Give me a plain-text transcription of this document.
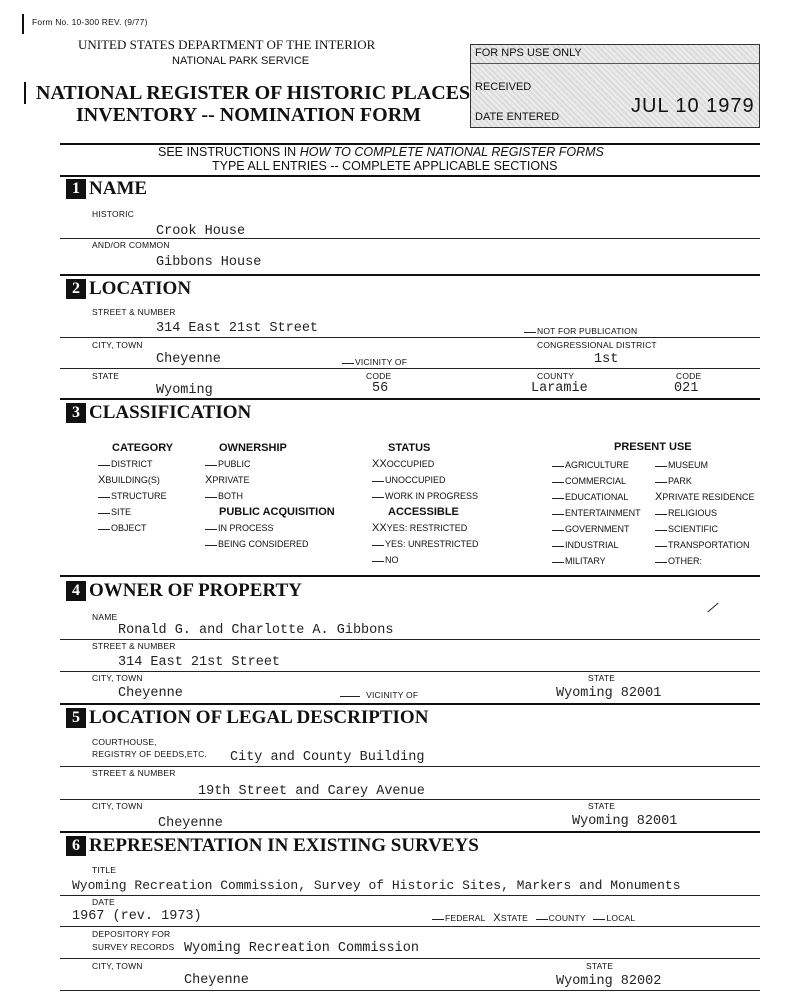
Form No. 10-300 REV. (9/77)
UNITED STATES DEPARTMENT OF THE INTERIOR
NATIONAL PARK SERVICE
NATIONAL REGISTER OF HISTORIC PLACES
INVENTORY -- NOMINATION FORM
FOR NPS USE ONLY
RECEIVED
DATE ENTERED	JUL 10 1979
SEE INSTRUCTIONS IN HOW TO COMPLETE NATIONAL REGISTER FORMS
TYPE ALL ENTRIES -- COMPLETE APPLICABLE SECTIONS
1 NAME
HISTORIC
Crook House
AND/OR COMMON
Gibbons House
2 LOCATION
STREET & NUMBER
314 East 21st Street	NOT FOR PUBLICATION
CITY, TOWN	CONGRESSIONAL DISTRICT
Cheyenne	VICINITY OF	1st
STATE	CODE	COUNTY	CODE
Wyoming	56	Laramie	021
3 CLASSIFICATION
CATEGORY
DISTRICT
XBUILDING(S)
STRUCTURE
SITE
OBJECT
OWNERSHIP
PUBLIC
XPRIVATE
BOTH
PUBLIC ACQUISITION
IN PROCESS
BEING CONSIDERED
STATUS
XXOCCUPIED
UNOCCUPIED
WORK IN PROGRESS
ACCESSIBLE
XXYES: RESTRICTED
YES: UNRESTRICTED
NO
PRESENT USE
AGRICULTURE
COMMERCIAL
EDUCATIONAL
ENTERTAINMENT
GOVERNMENT
INDUSTRIAL
MILITARY
MUSEUM
PARK
XPRIVATE RESIDENCE
RELIGIOUS
SCIENTIFIC
TRANSPORTATION
OTHER:
4 OWNER OF PROPERTY
NAME
Ronald G. and Charlotte A. Gibbons
STREET & NUMBER
314 East 21st Street
CITY, TOWN	STATE
Cheyenne	VICINITY OF	Wyoming 82001
5 LOCATION OF LEGAL DESCRIPTION
COURTHOUSE,
REGISTRY OF DEEDS,ETC. City and County Building
STREET & NUMBER
19th Street and Carey Avenue
CITY, TOWN	STATE
Cheyenne	Wyoming 82001
6 REPRESENTATION IN EXISTING SURVEYS
TITLE
Wyoming Recreation Commission, Survey of Historic Sites, Markers and Monuments
DATE
1967 (rev. 1973)	FEDERAL XSTATE COUNTY LOCAL
DEPOSITORY FOR
SURVEY RECORDS Wyoming Recreation Commission
CITY, TOWN	STATE
Cheyenne	Wyoming 82002
